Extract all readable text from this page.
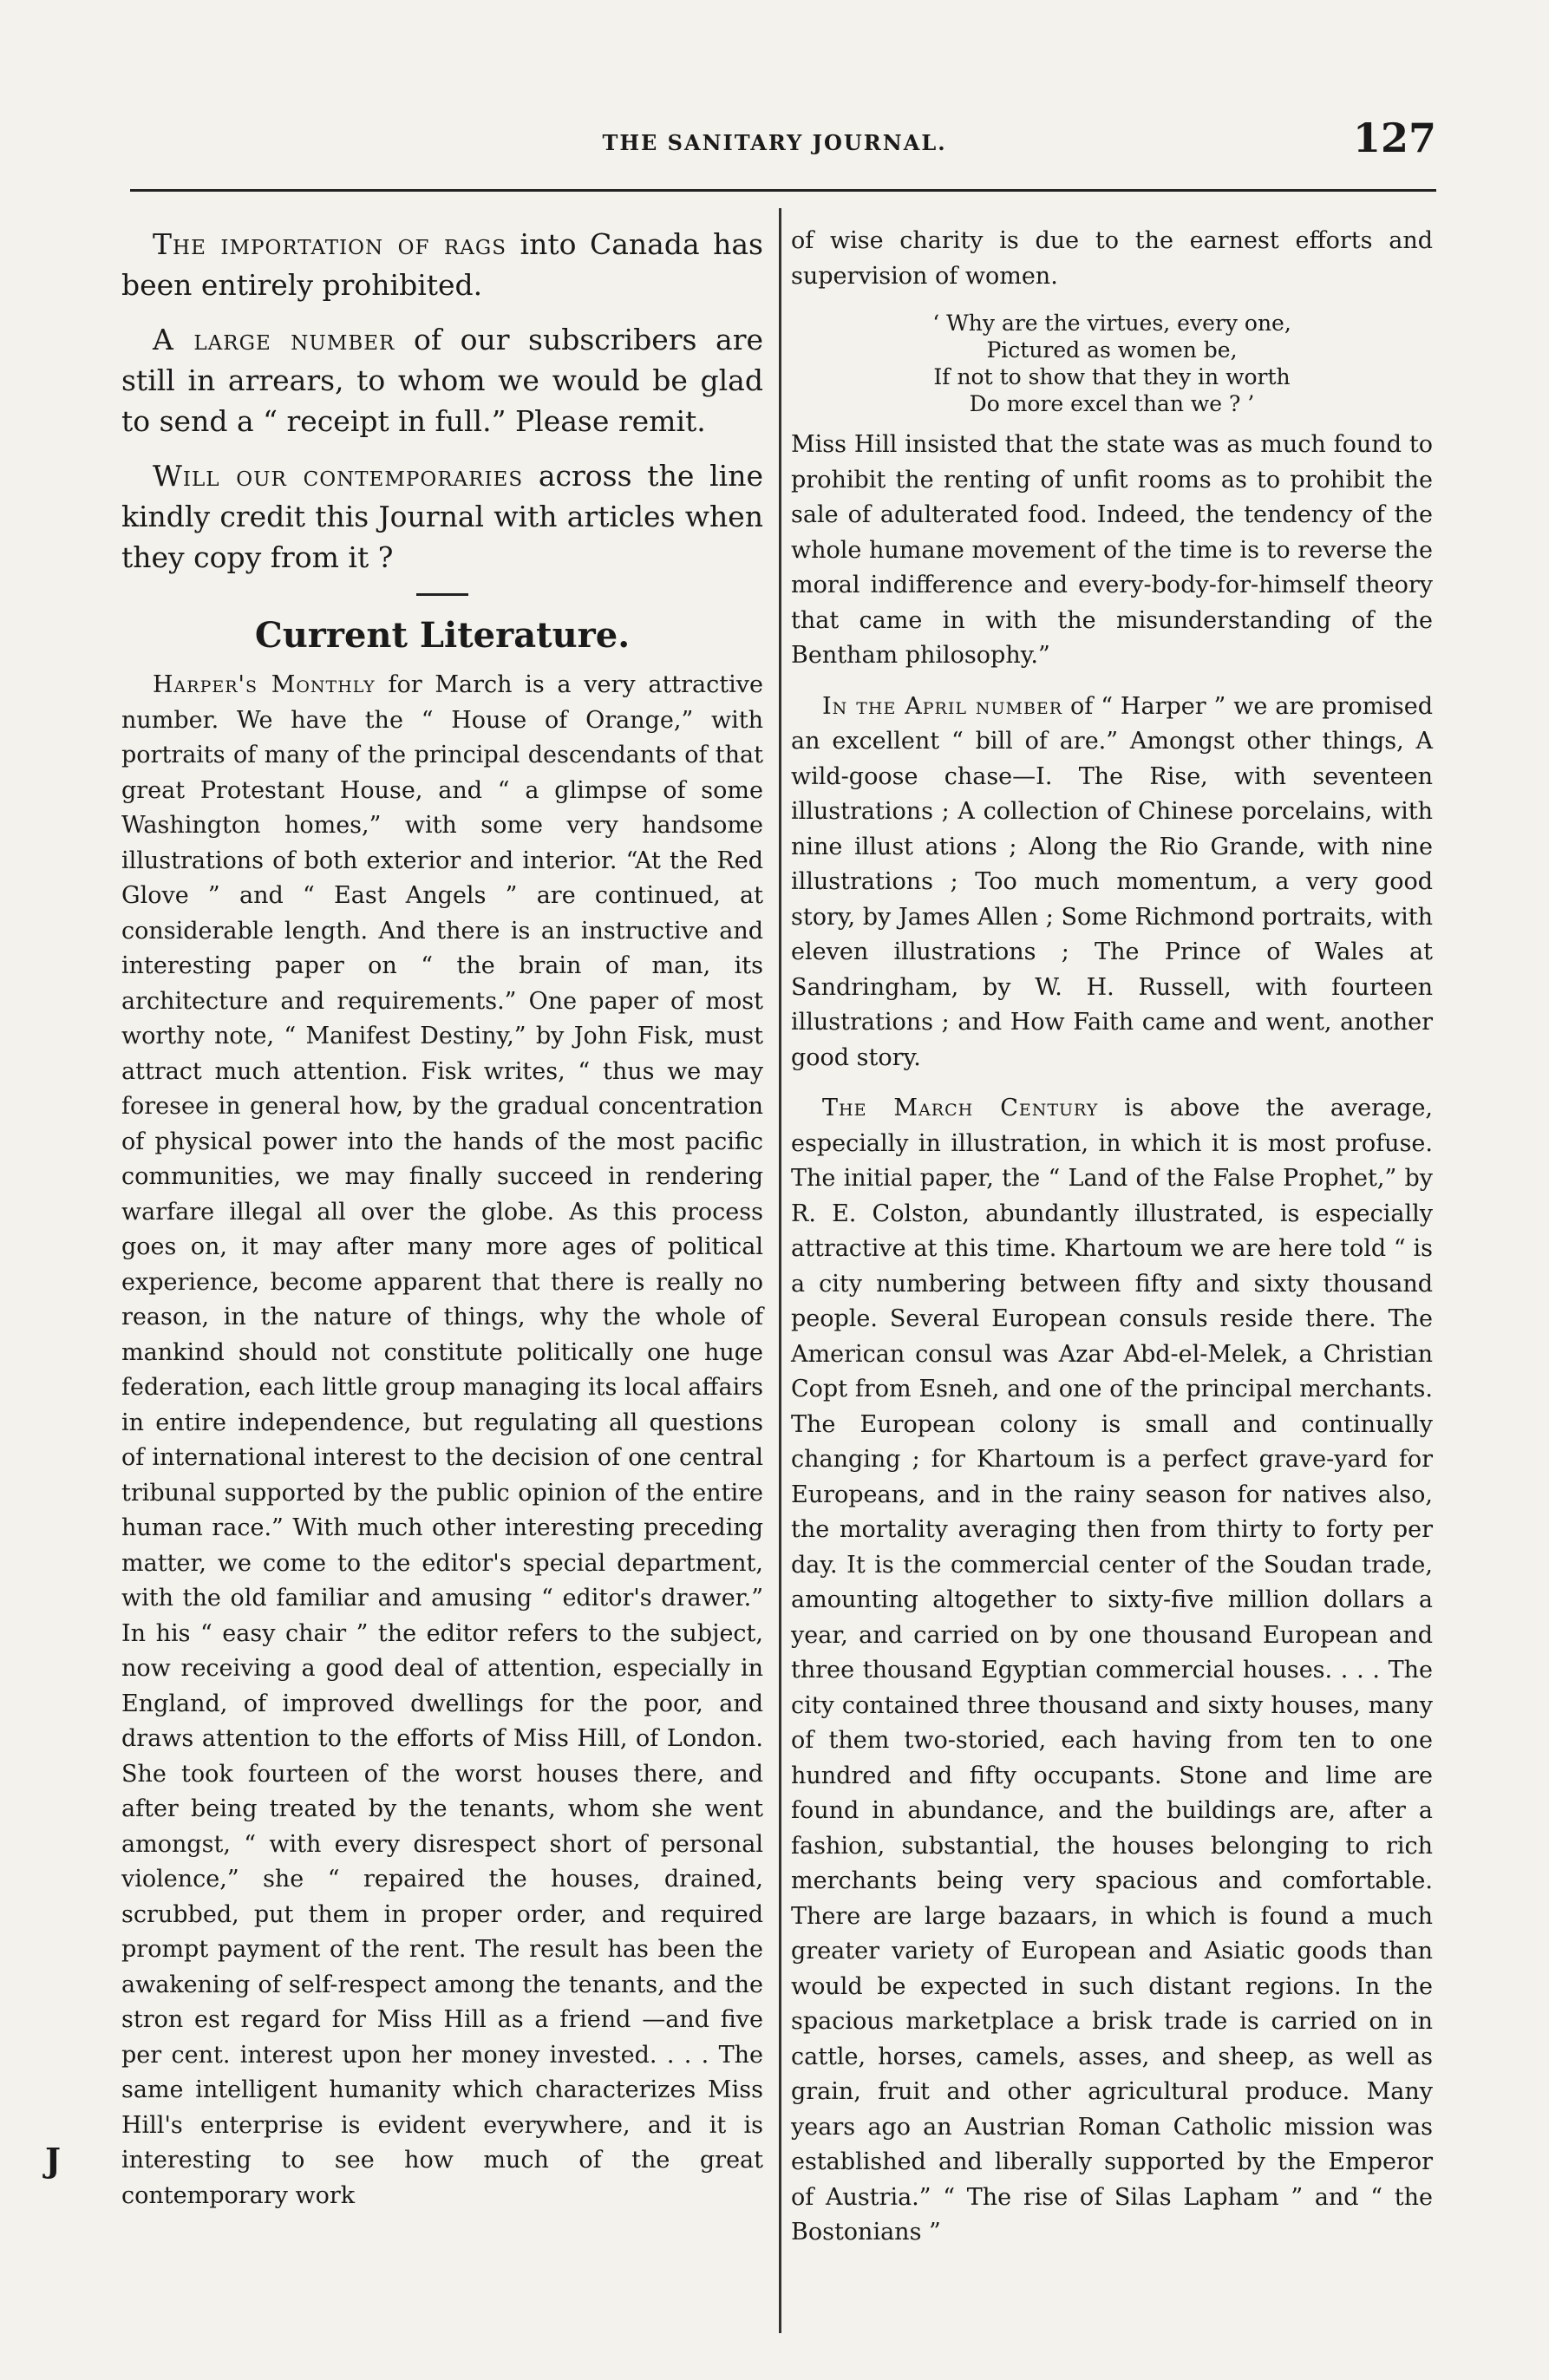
THE SANITARY JOURNAL.	127

The importation of rags into Canada has been entirely prohibited.

A large number of our subscribers are still in arrears, to whom we would be glad to send a “ receipt in full.” Please remit.

Will our contemporaries across the line kindly credit this Journal with articles when they copy from it ?

Current Literature.

Harper's Monthly for March is a very attractive number. We have the “ House of Orange,” with portraits of many of the principal descendants of that great Protestant House, and “ a glimpse of some Washington homes,” with some very handsome illustrations of both exterior and interior. “At the Red Glove ” and “ East Angels ” are continued, at considerable length. And there is an instructive and interesting paper on “ the brain of man, its architecture and requirements.” One paper of most worthy note, “ Manifest Destiny,” by John Fisk, must attract much attention. Fisk writes, “ thus we may foresee in general how, by the gradual concentration of physical power into the hands of the most pacific communities, we may finally succeed in rendering warfare illegal all over the globe. As this process goes on, it may after many more ages of political experience, become apparent that there is really no reason, in the nature of things, why the whole of mankind should not constitute politically one huge federation, each little group managing its local affairs in entire independence, but regulating all questions of international interest to the decision of one central tribunal supported by the public opinion of the entire human race.” With much other interesting preceding matter, we come to the editor's special department, with the old familiar and amusing “ editor's drawer.” In his “ easy chair ” the editor refers to the subject, now receiving a good deal of attention, especially in England, of improved dwellings for the poor, and draws attention to the efforts of Miss Hill, of London. She took fourteen of the worst houses there, and after being treated by the tenants, whom she went amongst, “ with every disrespect short of personal violence,” she “ repaired the houses, drained, scrubbed, put them in proper order, and required prompt payment of the rent. The result has been the awakening of self-respect among the tenants, and the stron est regard for Miss Hill as a friend —and five per cent. interest upon her money invested. . . . The same intelligent humanity which characterizes Miss Hill's enterprise is evident everywhere, and it is interesting to see how much of the great contemporary work

J

of wise charity is due to the earnest efforts and supervision of women.

‘ Why are the virtues, every one,
Pictured as women be,
If not to show that they in worth
Do more excel than we ? ’

Miss Hill insisted that the state was as much found to prohibit the renting of unfit rooms as to prohibit the sale of adulterated food. Indeed, the tendency of the whole humane movement of the time is to reverse the moral indifference and every-body-for-himself theory that came in with the misunderstanding of the Bentham philosophy.”

In the April number of “ Harper ” we are promised an excellent “ bill of are.” Amongst other things, A wild-goose chase—I. The Rise, with seventeen illustrations ; A collection of Chinese porcelains, with nine illust ations ; Along the Rio Grande, with nine illustrations ; Too much momentum, a very good story, by James Allen ; Some Richmond portraits, with eleven illustrations ; The Prince of Wales at Sandringham, by W. H. Russell, with fourteen illustrations ; and How Faith came and went, another good story.

The March Century is above the average, especially in illustration, in which it is most profuse. The initial paper, the “ Land of the False Prophet,” by R. E. Colston, abundantly illustrated, is especially attractive at this time. Khartoum we are here told “ is a city numbering between fifty and sixty thousand people. Several European consuls reside there. The American consul was Azar Abd-el-Melek, a Christian Copt from Esneh, and one of the principal merchants. The European colony is small and continually changing ; for Khartoum is a perfect grave-yard for Europeans, and in the rainy season for natives also, the mortality averaging then from thirty to forty per day. It is the commercial center of the Soudan trade, amounting altogether to sixty-five million dollars a year, and carried on by one thousand European and three thousand Egyptian commercial houses. . . . The city contained three thousand and sixty houses, many of them two-storied, each having from ten to one hundred and fifty occupants. Stone and lime are found in abundance, and the buildings are, after a fashion, substantial, the houses belonging to rich merchants being very spacious and comfortable. There are large bazaars, in which is found a much greater variety of European and Asiatic goods than would be expected in such distant regions. In the spacious marketplace a brisk trade is carried on in cattle, horses, camels, asses, and sheep, as well as grain, fruit and other agricultural produce. Many years ago an Austrian Roman Catholic mission was established and liberally supported by the Emperor of Austria.” “ The rise of Silas Lapham ” and “ the Bostonians ”
